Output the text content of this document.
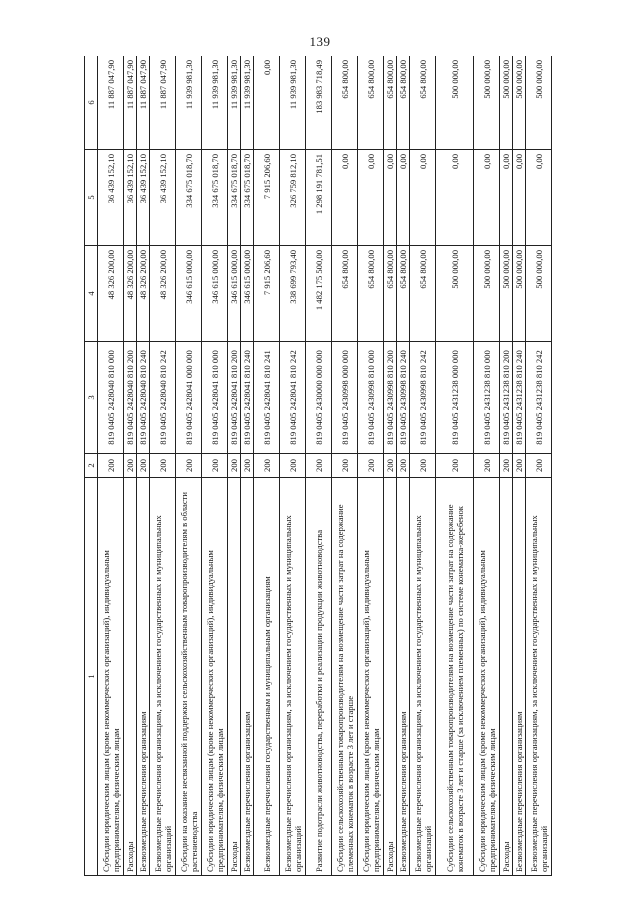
139
1	2	3	4	5	6
Субсидии юридическим лицам (кроме некоммерческих организаций), индивидуальным предпринимателям, физическим лицам	200	819 0405 2428040 810 000	48 326 200,00	36 439 152,10	11 887 047,90
Расходы	200	819 0405 2428040 810 200	48 326 200,00	36 439 152,10	11 887 047,90
Безвозмездные перечисления организациям	200	819 0405 2428040 810 240	48 326 200,00	36 439 152,10	11 887 047,90
Безвозмездные перечисления организациям, за исключением государственных и муниципальных организаций	200	819 0405 2428040 810 242	48 326 200,00	36 439 152,10	11 887 047,90
Субсидии на оказание несвязанной поддержки сельскохозяйственным товаропроизводителям в области растениеводства	200	819 0405 2428041 000 000	346 615 000,00	334 675 018,70	11 939 981,30
Субсидии юридическим лицам (кроме некоммерческих организаций), индивидуальным предпринимателям, физическим лицам	200	819 0405 2428041 810 000	346 615 000,00	334 675 018,70	11 939 981,30
Расходы	200	819 0405 2428041 810 200	346 615 000,00	334 675 018,70	11 939 981,30
Безвозмездные перечисления организациям	200	819 0405 2428041 810 240	346 615 000,00	334 675 018,70	11 939 981,30
Безвозмездные перечисления государственным и муниципальным организациям	200	819 0405 2428041 810 241	7 915 206,60	7 915 206,60	0,00
Безвозмездные перечисления организациям, за исключением государственных и муниципальных организаций	200	819 0405 2428041 810 242	338 699 793,40	326 759 812,10	11 939 981,30
Развитие подотрасли животноводства, переработки и реализации продукции животноводства	200	819 0405 2430000 000 000	1 482 175 500,00	1 298 191 781,51	183 983 718,49
Субсидии сельскохозяйственным товаропроизводителям на возмещение части затрат на содержание племенных конематок в возрасте 3 лет и старше	200	819 0405 2430998 000 000	654 800,00	0,00	654 800,00
Субсидии юридическим лицам (кроме некоммерческих организаций), индивидуальным предпринимателям, физическим лицам	200	819 0405 2430998 810 000	654 800,00	0,00	654 800,00
Расходы	200	819 0405 2430998 810 200	654 800,00	0,00	654 800,00
Безвозмездные перечисления организациям	200	819 0405 2430998 810 240	654 800,00	0,00	654 800,00
Безвозмездные перечисления организациям, за исключением государственных и муниципальных организаций	200	819 0405 2430998 810 242	654 800,00	0,00	654 800,00
Субсидии сельскохозяйственным товаропроизводителям на возмещение части затрат на содержание конематок в возрасте 3 лет и старше (за исключением племенных) по системе конематка-жеребенок	200	819 0405 2431238 000 000	500 000,00	0,00	500 000,00
Субсидии юридическим лицам (кроме некоммерческих организаций), индивидуальным предпринимателям, физическим лицам	200	819 0405 2431238 810 000	500 000,00	0,00	500 000,00
Расходы	200	819 0405 2431238 810 200	500 000,00	0,00	500 000,00
Безвозмездные перечисления организациям	200	819 0405 2431238 810 240	500 000,00	0,00	500 000,00
Безвозмездные перечисления организациям, за исключением государственных и муниципальных организаций	200	819 0405 2431238 810 242	500 000,00	0,00	500 000,00
